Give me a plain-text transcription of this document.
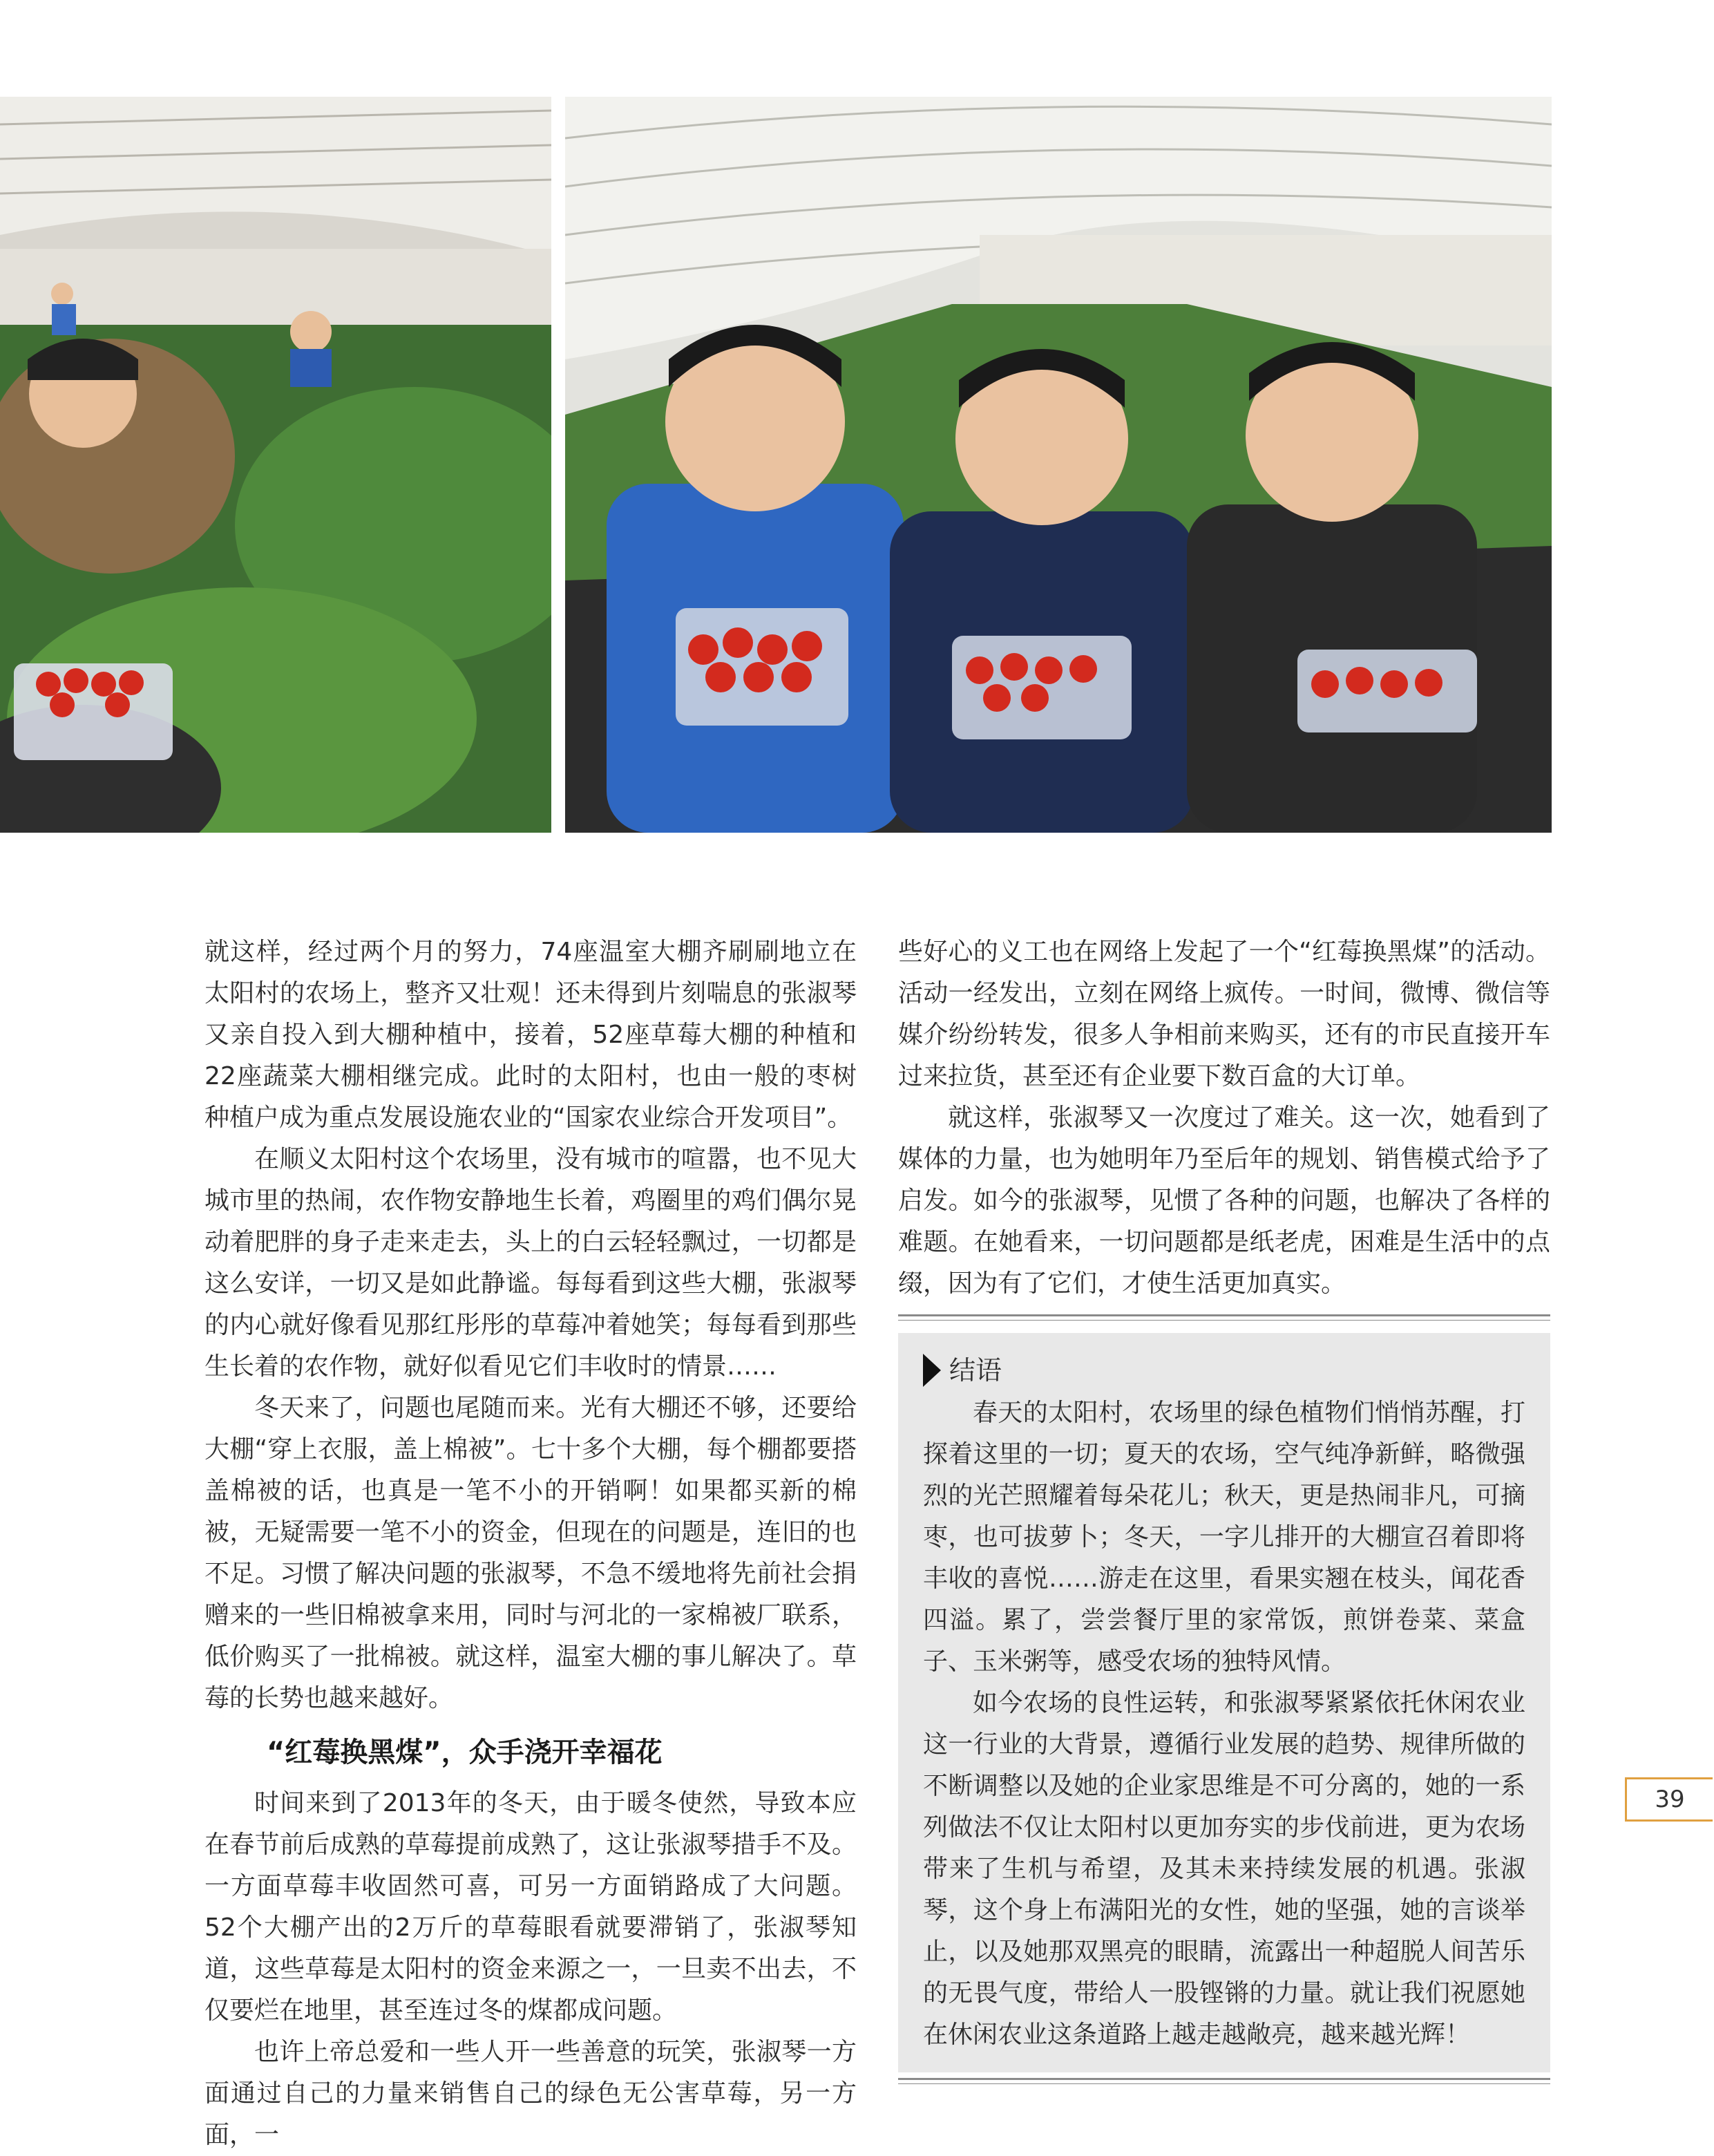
就这样，经过两个月的努力，74座温室大棚齐刷刷地立在太阳村的农场上，整齐又壮观！还未得到片刻喘息的张淑琴又亲自投入到大棚种植中，接着，52座草莓大棚的种植和22座蔬菜大棚相继完成。此时的太阳村，也由一般的枣树种植户成为重点发展设施农业的“国家农业综合开发项目”。

在顺义太阳村这个农场里，没有城市的喧嚣，也不见大城市里的热闹，农作物安静地生长着，鸡圈里的鸡们偶尔晃动着肥胖的身子走来走去，头上的白云轻轻飘过，一切都是这么安详，一切又是如此静谧。每每看到这些大棚，张淑琴的内心就好像看见那红彤彤的草莓冲着她笑；每每看到那些生长着的农作物，就好似看见它们丰收时的情景……

冬天来了，问题也尾随而来。光有大棚还不够，还要给大棚“穿上衣服，盖上棉被”。七十多个大棚，每个棚都要搭盖棉被的话，也真是一笔不小的开销啊！如果都买新的棉被，无疑需要一笔不小的资金，但现在的问题是，连旧的也不足。习惯了解决问题的张淑琴，不急不缓地将先前社会捐赠来的一些旧棉被拿来用，同时与河北的一家棉被厂联系，低价购买了一批棉被。就这样，温室大棚的事儿解决了。草莓的长势也越来越好。

“红莓换黑煤”，众手浇开幸福花

时间来到了2013年的冬天，由于暖冬使然，导致本应在春节前后成熟的草莓提前成熟了，这让张淑琴措手不及。一方面草莓丰收固然可喜，可另一方面销路成了大问题。52个大棚产出的2万斤的草莓眼看就要滞销了，张淑琴知道，这些草莓是太阳村的资金来源之一，一旦卖不出去，不仅要烂在地里，甚至连过冬的煤都成问题。

也许上帝总爱和一些人开一些善意的玩笑，张淑琴一方面通过自己的力量来销售自己的绿色无公害草莓，另一方面，一

些好心的义工也在网络上发起了一个“红莓换黑煤”的活动。活动一经发出，立刻在网络上疯传。一时间，微博、微信等媒介纷纷转发，很多人争相前来购买，还有的市民直接开车过来拉货，甚至还有企业要下数百盒的大订单。

就这样，张淑琴又一次度过了难关。这一次，她看到了媒体的力量，也为她明年乃至后年的规划、销售模式给予了启发。如今的张淑琴，见惯了各种的问题，也解决了各样的难题。在她看来，一切问题都是纸老虎，困难是生活中的点缀，因为有了它们，才使生活更加真实。

结语

春天的太阳村，农场里的绿色植物们悄悄苏醒，打探着这里的一切；夏天的农场，空气纯净新鲜，略微强烈的光芒照耀着每朵花儿；秋天，更是热闹非凡，可摘枣，也可拔萝卜；冬天，一字儿排开的大棚宣召着即将丰收的喜悦……游走在这里，看果实翘在枝头，闻花香四溢。累了，尝尝餐厅里的家常饭，煎饼卷菜、菜盒子、玉米粥等，感受农场的独特风情。

如今农场的良性运转，和张淑琴紧紧依托休闲农业这一行业的大背景，遵循行业发展的趋势、规律所做的不断调整以及她的企业家思维是不可分离的，她的一系列做法不仅让太阳村以更加夯实的步伐前进，更为农场带来了生机与希望，及其未来持续发展的机遇。张淑琴，这个身上布满阳光的女性，她的坚强，她的言谈举止，以及她那双黑亮的眼睛，流露出一种超脱人间苦乐的无畏气度，带给人一股铿锵的力量。就让我们祝愿她在休闲农业这条道路上越走越敞亮，越来越光辉！

39
